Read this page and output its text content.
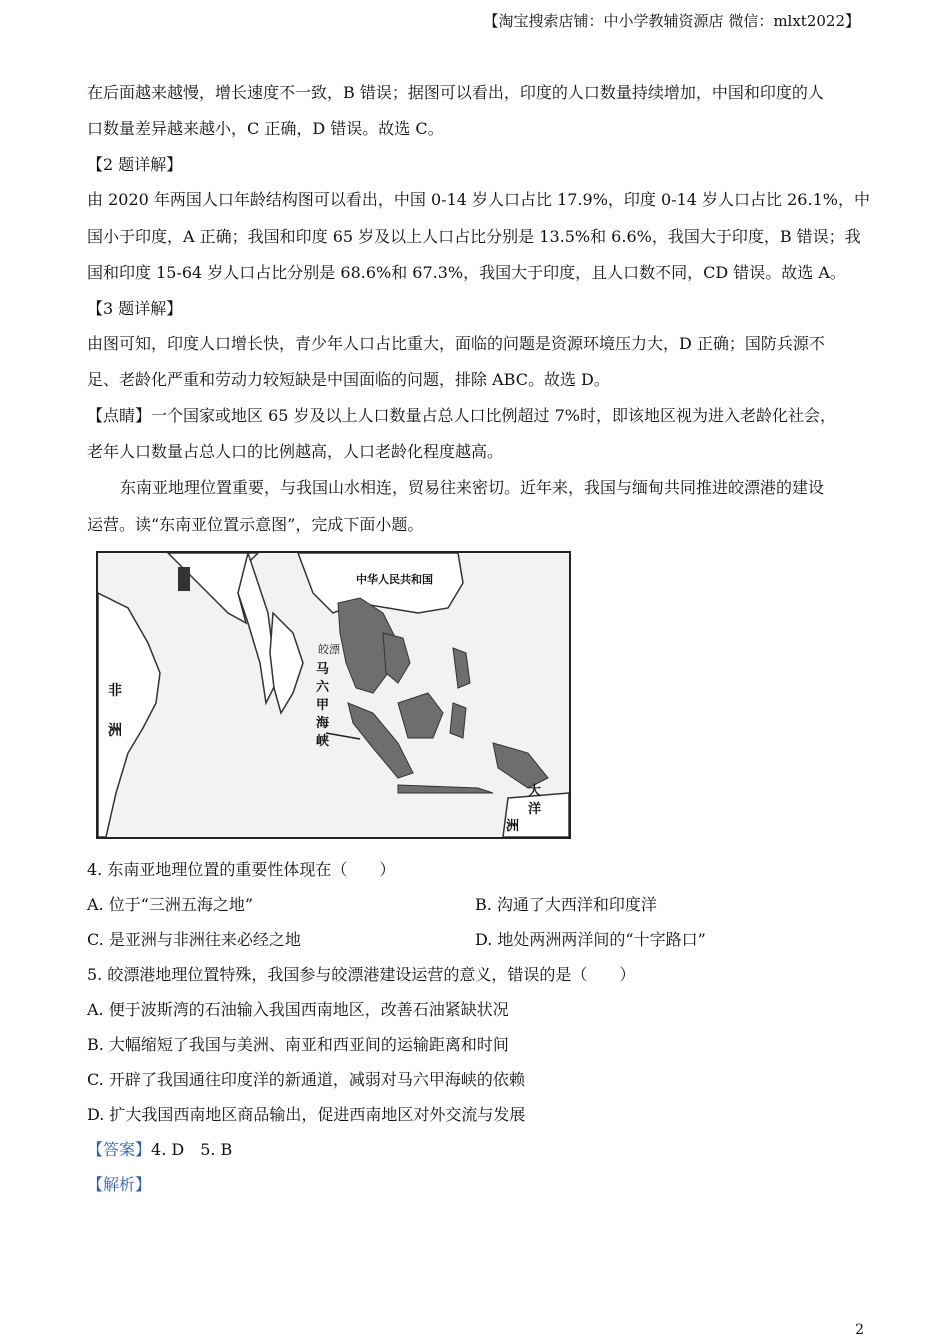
【淘宝搜索店铺：中小学教辅资源店 微信：mlxt2022】
在后面越来越慢，增长速度不一致，B 错误；据图可以看出，印度的人口数量持续增加，中国和印度的人
口数量差异越来越小，C 正确，D 错误。故选 C。
【2 题详解】
由 2020 年两国人口年龄结构图可以看出，中国 0-14 岁人口占比 17.9%，印度 0-14 岁人口占比 26.1%，中
国小于印度，A 正确；我国和印度 65 岁及以上人口占比分别是 13.5%和 6.6%，我国大于印度，B 错误；我
国和印度 15-64 岁人口占比分别是 68.6%和 67.3%，我国大于印度，且人口数不同，CD 错误。故选 A。
【3 题详解】
由图可知，印度人口增长快，青少年人口占比重大，面临的问题是资源环境压力大，D 正确；国防兵源不
足、老龄化严重和劳动力较短缺是中国面临的问题，排除 ABC。故选 D。
【点睛】一个国家或地区 65 岁及以上人口数量占总人口比例超过 7%时，即该地区视为进入老龄化社会，
老年人口数量占总人口的比例越高，人口老龄化程度越高。
东南亚地理位置重要，与我国山水相连，贸易往来密切。近年来，我国与缅甸共同推进皎漂港的建设
运营。读“东南亚位置示意图”，完成下面小题。
中华人民共和国
皎漂
非洲
马六甲海峡
大洋
洲
4. 东南亚地理位置的重要性体现在（　　）
A. 位于“三洲五海之地”	B. 沟通了大西洋和印度洋
C. 是亚洲与非洲往来必经之地	D. 地处两洲两洋间的“十字路口”
5. 皎漂港地理位置特殊，我国参与皎漂港建设运营的意义，错误的是（　　）
A. 便于波斯湾的石油输入我国西南地区，改善石油紧缺状况
B. 大幅缩短了我国与美洲、南亚和西亚间的运输距离和时间
C. 开辟了我国通往印度洋的新通道，减弱对马六甲海峡的依赖
D. 扩大我国西南地区商品输出，促进西南地区对外交流与发展
【答案】4. D　5. B
【解析】
2
